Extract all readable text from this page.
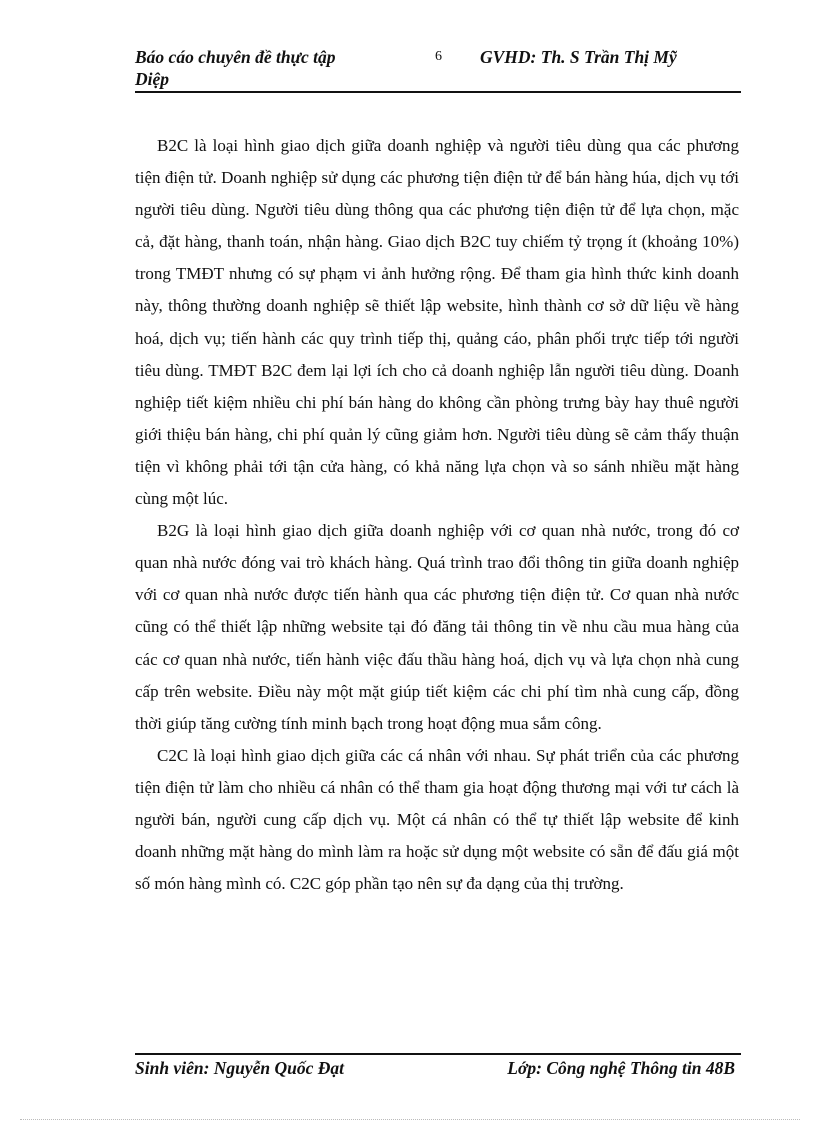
Báo cáo chuyên đề thực tập
Diệp
6 GVHD: Th. S Trần Thị Mỹ

B2C là loại hình giao dịch giữa doanh nghiệp và người tiêu dùng qua các phương tiện điện tử. Doanh nghiệp sử dụng các phương tiện điện tử để bán hàng húa, dịch vụ tới người tiêu dùng. Người tiêu dùng thông qua các phương tiện điện tử để lựa chọn, mặc cả, đặt hàng, thanh toán, nhận hàng. Giao dịch B2C tuy chiếm tỷ trọng ít (khoảng 10%) trong TMĐT nhưng có sự phạm vi ảnh hưởng rộng. Để tham gia hình thức kinh doanh này, thông thường doanh nghiệp sẽ thiết lập website, hình thành cơ sở dữ liệu về hàng hoá, dịch vụ; tiến hành các quy trình tiếp thị, quảng cáo, phân phối trực tiếp tới người tiêu dùng. TMĐT B2C đem lại lợi ích cho cả doanh nghiệp lẫn người tiêu dùng. Doanh nghiệp tiết kiệm nhiều chi phí bán hàng do không cần phòng trưng bày hay thuê người giới thiệu bán hàng, chi phí quản lý cũng giảm hơn. Người tiêu dùng sẽ cảm thấy thuận tiện vì không phải tới tận cửa hàng, có khả năng lựa chọn và so sánh nhiều mặt hàng cùng một lúc.

B2G là loại hình giao dịch giữa doanh nghiệp với cơ quan nhà nước, trong đó cơ quan nhà nước đóng vai trò khách hàng. Quá trình trao đổi thông tin giữa doanh nghiệp với cơ quan nhà nước được tiến hành qua các phương tiện điện tử. Cơ quan nhà nước cũng có thể thiết lập những website tại đó đăng tải thông tin về nhu cầu mua hàng của các cơ quan nhà nước, tiến hành việc đấu thầu hàng hoá, dịch vụ và lựa chọn nhà cung cấp trên website. Điều này một mặt giúp tiết kiệm các chi phí tìm nhà cung cấp, đồng thời giúp tăng cường tính minh bạch trong hoạt động mua sắm công.

C2C là loại hình giao dịch giữa các cá nhân với nhau. Sự phát triển của các phương tiện điện tử làm cho nhiều cá nhân có thể tham gia hoạt động thương mại với tư cách là người bán, người cung cấp dịch vụ. Một cá nhân có thể tự thiết lập website để kinh doanh những mặt hàng do mình làm ra hoặc sử dụng một website có sẵn để đấu giá một số món hàng mình có. C2C góp phần tạo nên sự đa dạng của thị trường.

Sinh viên: Nguyễn Quốc Đạt	Lớp: Công nghệ Thông tin 48B
